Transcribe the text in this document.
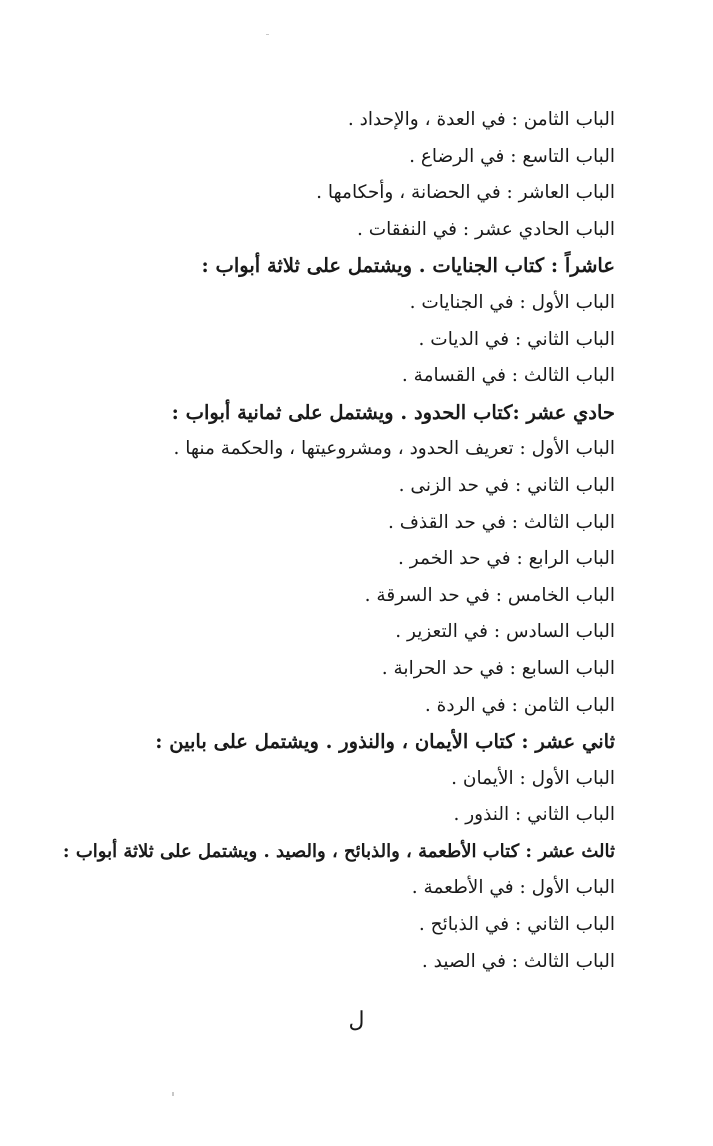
الباب الثامن : في العدة ، والإحداد .
الباب التاسع : في الرضاع .
الباب العاشر : في الحضانة ، وأحكامها .
الباب الحادي عشر : في النفقات .
عاشراً : كتاب الجنايات . ويشتمل على ثلاثة أبواب :
الباب الأول : في الجنايات .
الباب الثاني : في الديات .
الباب الثالث : في القسامة .
حادي عشر :كتاب الحدود . ويشتمل على ثمانية أبواب :
الباب الأول : تعريف الحدود ، ومشروعيتها ، والحكمة منها .
الباب الثاني : في حد الزنى .
الباب الثالث : في حد القذف .
الباب الرابع : في حد الخمر .
الباب الخامس : في حد السرقة .
الباب السادس : في التعزير .
الباب السابع : في حد الحرابة .
الباب الثامن : في الردة .
ثاني عشر : كتاب الأيمان ، والنذور . ويشتمل على بابين :
الباب الأول : الأيمان .
الباب الثاني : النذور .
ثالث عشر : كتاب الأطعمة ، والذبائح ، والصيد . ويشتمل على ثلاثة أبواب :
الباب الأول : في الأطعمة .
الباب الثاني : في الذبائح .
الباب الثالث : في الصيد .
ل
